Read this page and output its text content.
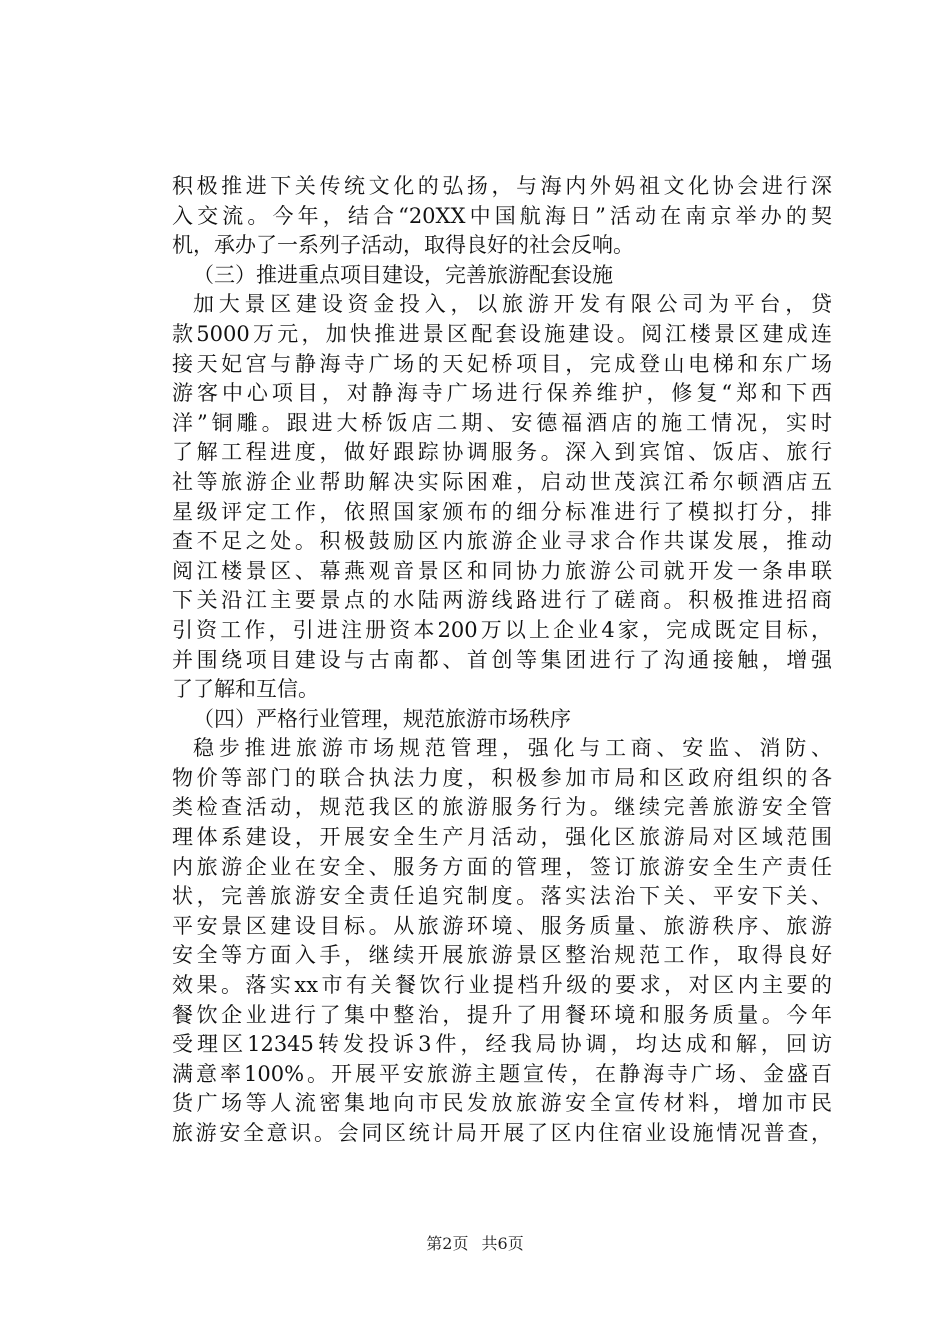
积极推进下关传统文化的弘扬，与海内外妈祖文化协会进行深
入交流。今年，结合“20XX中国航海日”活动在南京举办的契
机，承办了一系列子活动，取得良好的社会反响。
（三）推进重点项目建设，完善旅游配套设施
加大景区建设资金投入，以旅游开发有限公司为平台，贷
款5000万元，加快推进景区配套设施建设。阅江楼景区建成连
接天妃宫与静海寺广场的天妃桥项目，完成登山电梯和东广场
游客中心项目，对静海寺广场进行保养维护，修复“郑和下西
洋”铜雕。跟进大桥饭店二期、安德福酒店的施工情况，实时
了解工程进度，做好跟踪协调服务。深入到宾馆、饭店、旅行
社等旅游企业帮助解决实际困难，启动世茂滨江希尔顿酒店五
星级评定工作，依照国家颁布的细分标准进行了模拟打分，排
查不足之处。积极鼓励区内旅游企业寻求合作共谋发展，推动
阅江楼景区、幕燕观音景区和同协力旅游公司就开发一条串联
下关沿江主要景点的水陆两游线路进行了磋商。积极推进招商
引资工作，引进注册资本200万以上企业4家，完成既定目标，
并围绕项目建设与古南都、首创等集团进行了沟通接触，增强
了了解和互信。
（四）严格行业管理，规范旅游市场秩序
稳步推进旅游市场规范管理，强化与工商、安监、消防、
物价等部门的联合执法力度，积极参加市局和区政府组织的各
类检查活动，规范我区的旅游服务行为。继续完善旅游安全管
理体系建设，开展安全生产月活动，强化区旅游局对区域范围
内旅游企业在安全、服务方面的管理，签订旅游安全生产责任
状，完善旅游安全责任追究制度。落实法治下关、平安下关、
平安景区建设目标。从旅游环境、服务质量、旅游秩序、旅游
安全等方面入手，继续开展旅游景区整治规范工作，取得良好
效果。落实xx市有关餐饮行业提档升级的要求，对区内主要的
餐饮企业进行了集中整治，提升了用餐环境和服务质量。今年
受理区12345转发投诉3件，经我局协调，均达成和解，回访
满意率100%。开展平安旅游主题宣传，在静海寺广场、金盛百
货广场等人流密集地向市民发放旅游安全宣传材料，增加市民
旅游安全意识。会同区统计局开展了区内住宿业设施情况普查，
第2页 共6页
